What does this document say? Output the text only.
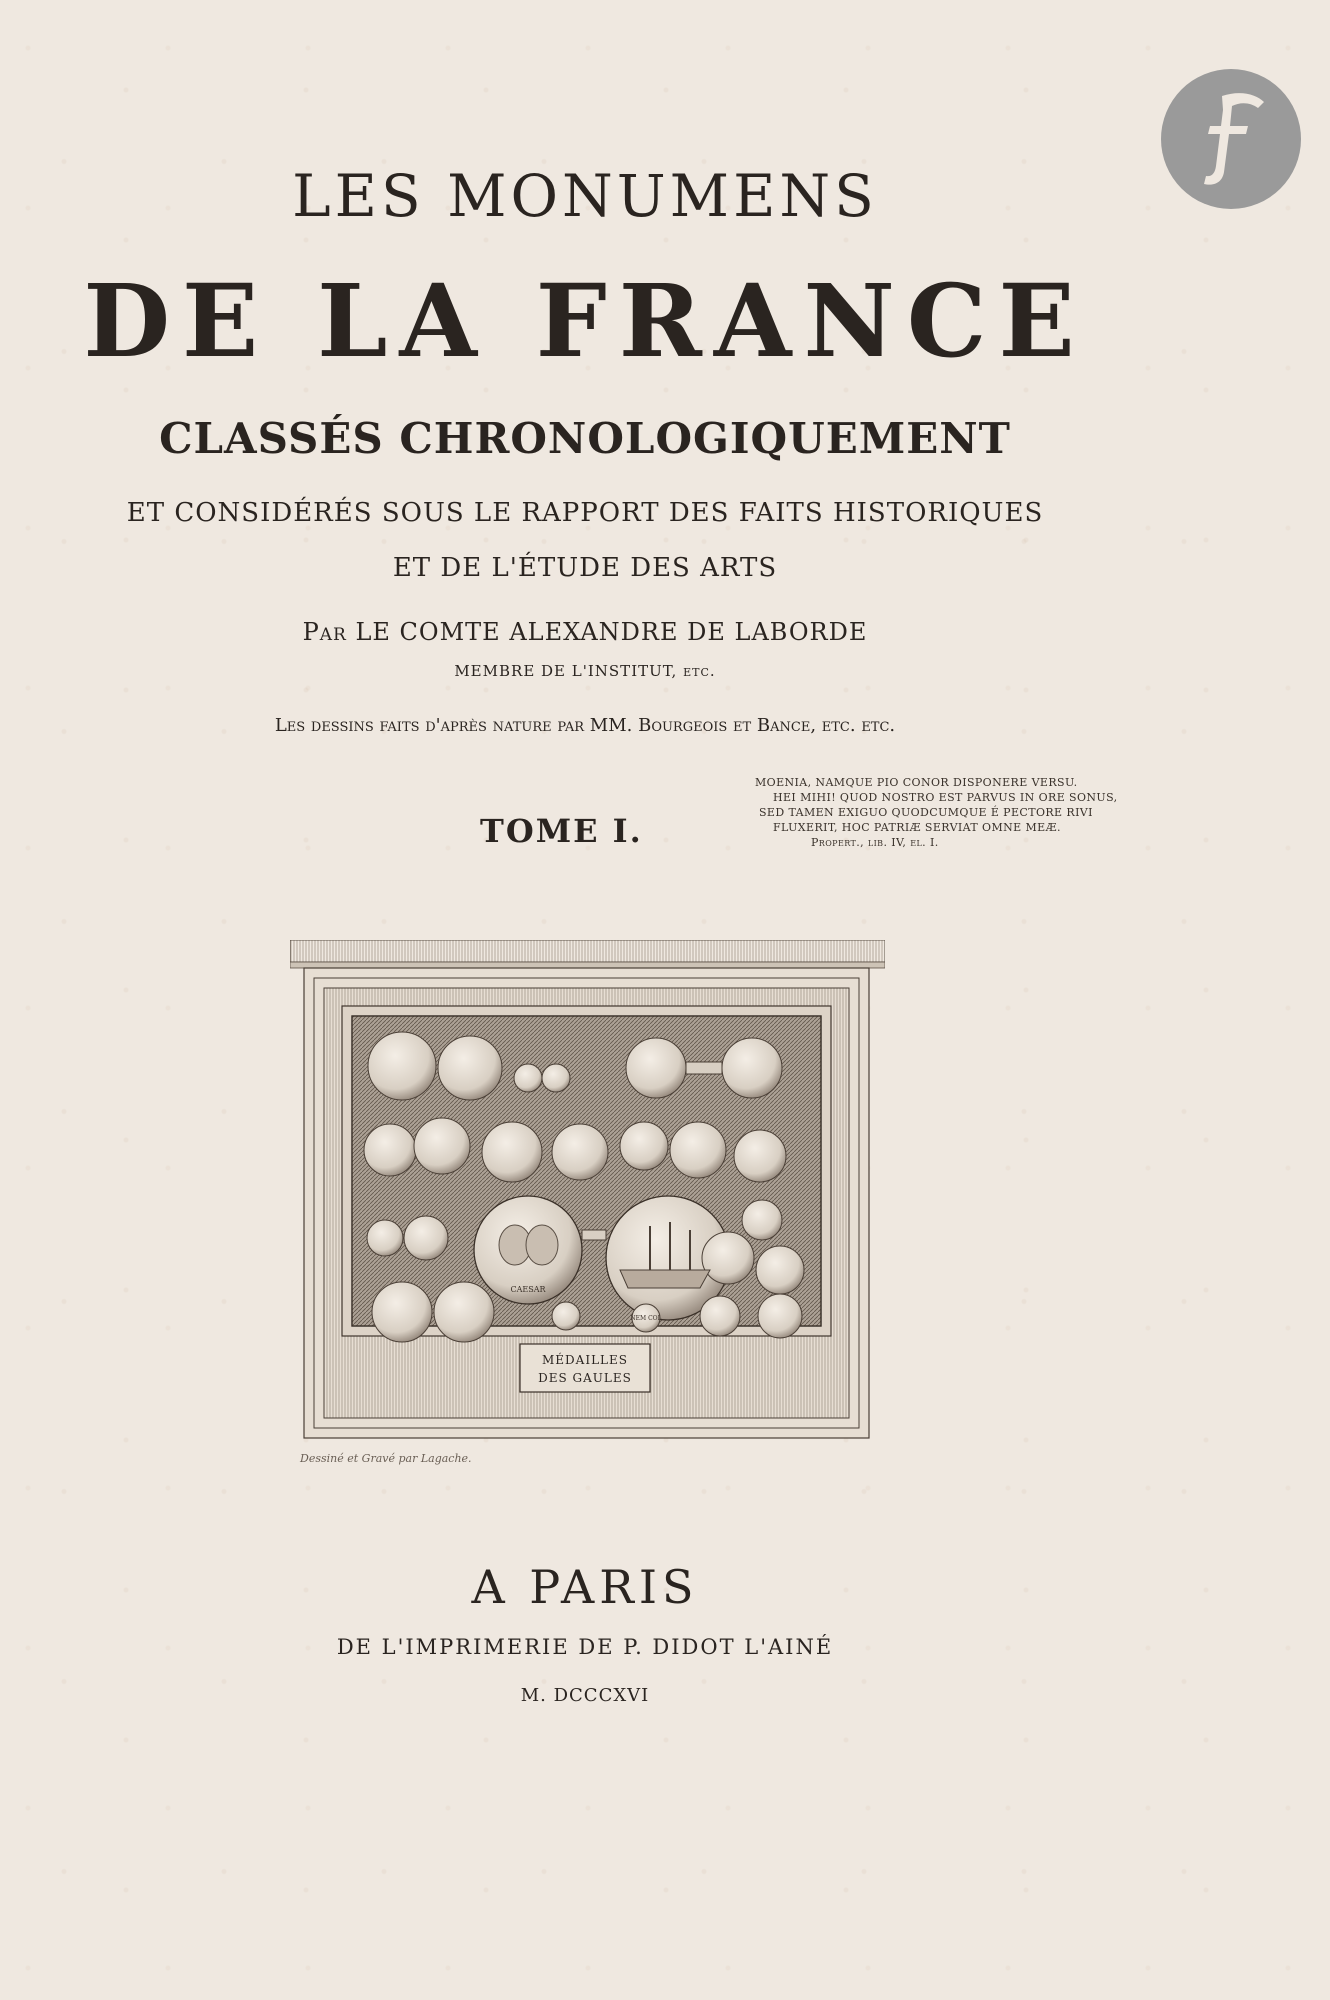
LES MONUMENS
DE LA FRANCE
CLASSÉS CHRONOLOGIQUEMENT
ET CONSIDÉRÉS SOUS LE RAPPORT DES FAITS HISTORIQUES
ET DE L'ÉTUDE DES ARTS
Par LE COMTE ALEXANDRE DE LABORDE
MEMBRE DE L'INSTITUT, etc.
Les dessins faits d'après nature par MM. Bourgeois et Bance, etc. etc.
TOME I.
MOENIA, NAMQUE PIO CONOR DISPONERE VERSU.
HEI MIHI! QUOD NOSTRO EST PARVUS IN ORE SONUS,
SED TAMEN EXIGUO QUODCUMQUE É PECTORE RIVI
FLUXERIT, HOC PATRIÆ SERVIAT OMNE MEÆ.
Propert., lib. IV, el. I.
CAESAR
NEM COL
MÉDAILLES
DES GAULES
Dessiné et Gravé par Lagache.
A PARIS
DE L'IMPRIMERIE DE P. DIDOT L'AINÉ
M. DCCCXVI
